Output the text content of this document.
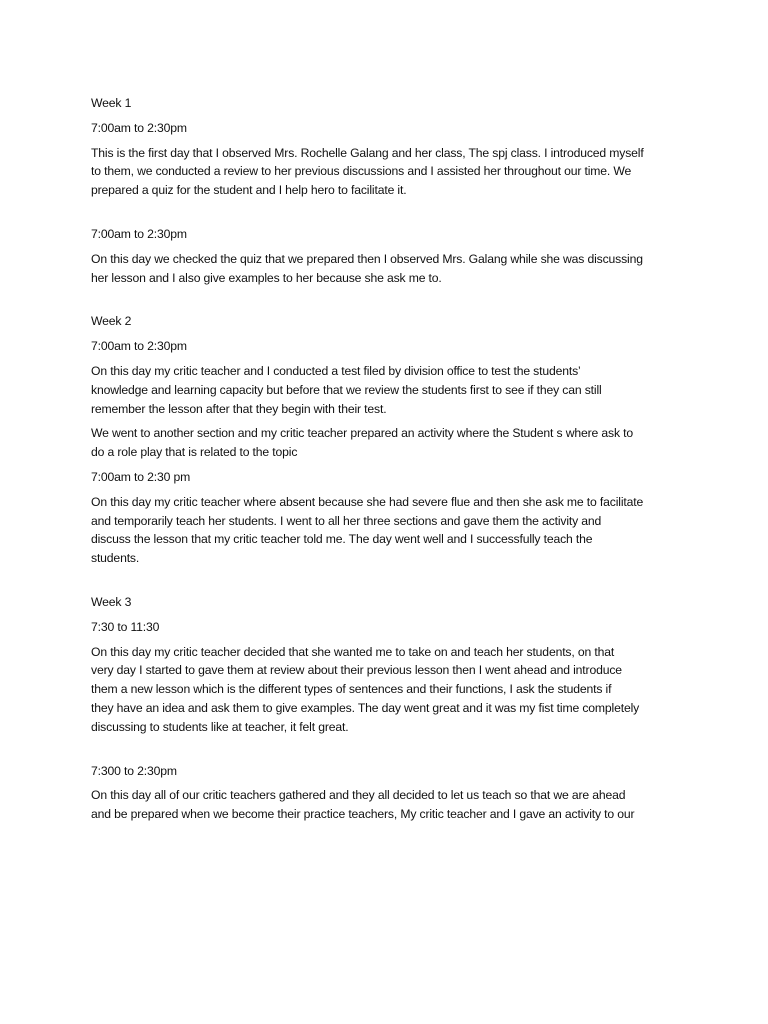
Week 1
7:00am to 2:30pm
This is the first day that I observed Mrs. Rochelle Galang and her class, The spj class. I introduced myself
to them, we conducted a review to her previous discussions and I assisted her throughout our time. We
prepared a quiz for the student and I help hero to facilitate it.
7:00am to 2:30pm
On this day we checked the quiz that we prepared then I observed Mrs. Galang while she was discussing
her lesson and I also give examples to her because she ask me to.
Week 2
7:00am to 2:30pm
On this day my critic teacher and I conducted a test filed by division office to test the students’
knowledge and learning capacity but before that we review the students first to see if they can still
remember the lesson after that they begin with their test.
We went to another section and my critic teacher prepared an activity where the Student s where ask to
do a role play that is related to the topic
7:00am to 2:30 pm
On this day my critic teacher where absent because she had severe flue and then she ask me to facilitate
and temporarily teach her students. I went to all her three sections and gave them the activity and
discuss the lesson that my critic teacher told me. The day went well and I successfully teach the
students.
Week 3
7:30 to 11:30
On this day my critic teacher decided that she wanted me to take on and teach her students, on that
very day I started to gave them at review about their previous lesson then I went ahead and introduce
them a new lesson which is the different types of sentences and their functions, I ask the students if
they have an idea and ask them to give examples. The day went great and it was my fist time completely
discussing to students like at teacher, it felt great.
7:300 to 2:30pm
On this day all of our critic teachers gathered and they all decided to let us teach so that we are ahead
and be prepared when we become their practice teachers, My critic teacher and I gave an activity to our
